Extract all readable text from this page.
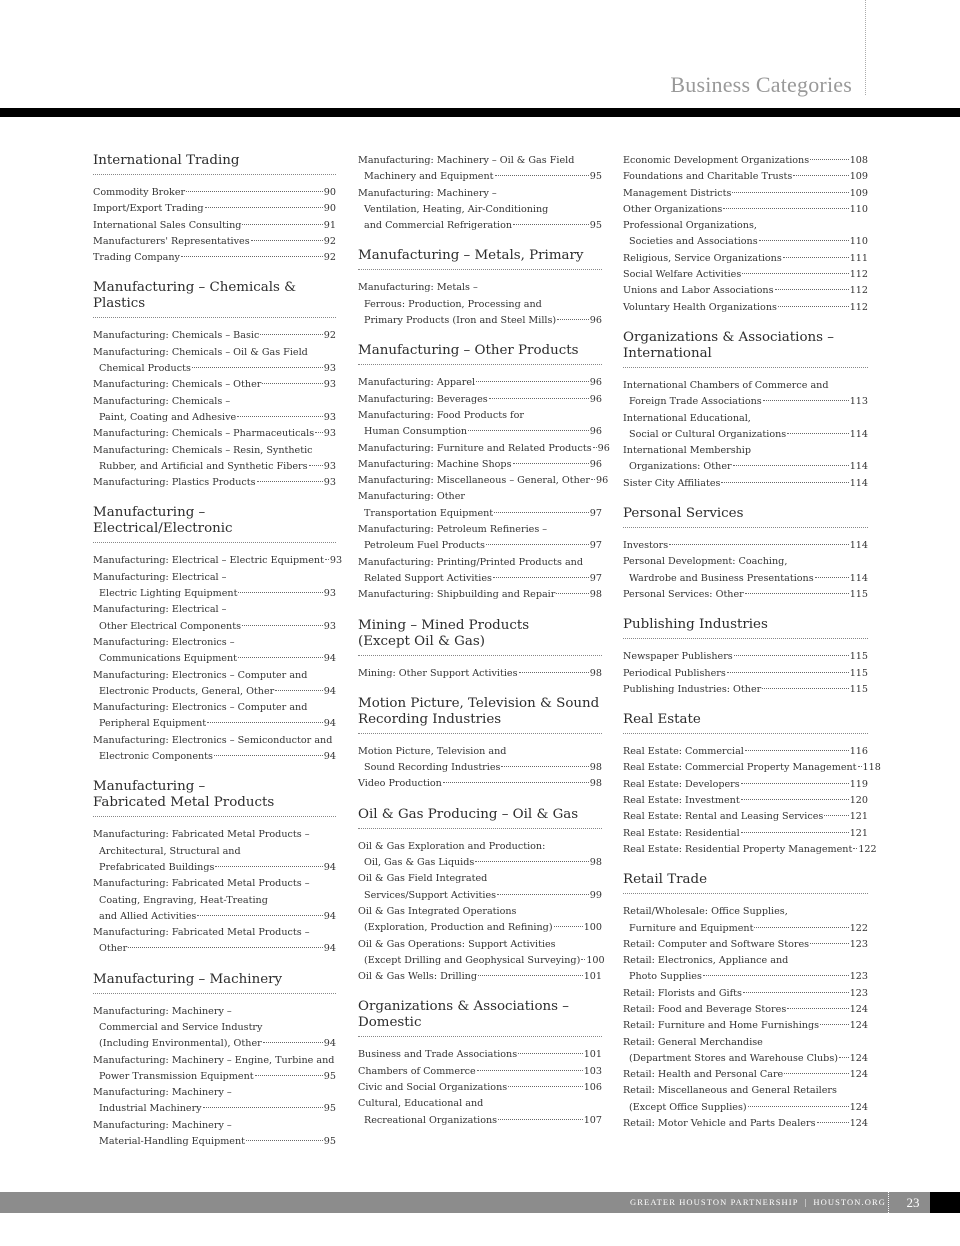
Business Categories
International Trading
Commodity Broker	90
Import/Export Trading	90
International Sales Consulting	91
Manufacturers' Representatives	92
Trading Company	92
Manufacturing – Chemicals & Plastics
Manufacturing: Chemicals – Basic	92
Manufacturing: Chemicals – Oil & Gas Field
Chemical Products	93
Manufacturing: Chemicals – Other	93
Manufacturing: Chemicals –
Paint, Coating and Adhesive	93
Manufacturing: Chemicals – Pharmaceuticals 93
Manufacturing: Chemicals – Resin, Synthetic
Rubber, and Artificial and Synthetic Fibers 93
Manufacturing: Plastics Products	93
Manufacturing – Electrical/Electronic
Manufacturing: Electrical – Electric Equipment 93
Manufacturing: Electrical –
Electric Lighting Equipment	93
Manufacturing: Electrical –
Other Electrical Components	93
Manufacturing: Electronics –
Communications Equipment	94
Manufacturing: Electronics – Computer and
Electronic Products, General, Other	94
Manufacturing: Electronics – Computer and
Peripheral Equipment	94
Manufacturing: Electronics – Semiconductor and
Electronic Components	94
Manufacturing –
Fabricated Metal Products
Manufacturing: Fabricated Metal Products –
Architectural, Structural and
Prefabricated Buildings	94
Manufacturing: Fabricated Metal Products –
Coating, Engraving, Heat-Treating
and Allied Activities	94
Manufacturing: Fabricated Metal Products –
Other	94
Manufacturing – Machinery
Manufacturing: Machinery –
Commercial and Service Industry
(Including Environmental), Other	94
Manufacturing: Machinery – Engine, Turbine and
Power Transmission Equipment	95
Manufacturing: Machinery –
Industrial Machinery	95
Manufacturing: Machinery –
Material-Handling Equipment	95
Manufacturing: Machinery – Oil & Gas Field
Machinery and Equipment	95
Manufacturing: Machinery –
Ventilation, Heating, Air-Conditioning
and Commercial Refrigeration	95
Manufacturing – Metals, Primary
Manufacturing: Metals –
Ferrous: Production, Processing and
Primary Products (Iron and Steel Mills)	96
Manufacturing – Other Products
Manufacturing: Apparel	96
Manufacturing: Beverages	96
Manufacturing: Food Products for
Human Consumption	96
Manufacturing: Furniture and Related Products 96
Manufacturing: Machine Shops	96
Manufacturing: Miscellaneous – General, Other 96
Manufacturing: Other
Transportation Equipment	97
Manufacturing: Petroleum Refineries –
Petroleum Fuel Products	97
Manufacturing: Printing/Printed Products and
Related Support Activities	97
Manufacturing: Shipbuilding and Repair	98
Mining – Mined Products
(Except Oil & Gas)
Mining: Other Support Activities	98
Motion Picture, Television & Sound
Recording Industries
Motion Picture, Television and
Sound Recording Industries	98
Video Production	98
Oil & Gas Producing – Oil & Gas
Oil & Gas Exploration and Production:
Oil, Gas & Gas Liquids	98
Oil & Gas Field Integrated
Services/Support Activities	99
Oil & Gas Integrated Operations
(Exploration, Production and Refining)	100
Oil & Gas Operations: Support Activities
(Except Drilling and Geophysical Surveying) 100
Oil & Gas Wells: Drilling	101
Organizations & Associations –
Domestic
Business and Trade Associations	101
Chambers of Commerce	103
Civic and Social Organizations	106
Cultural, Educational and
Recreational Organizations	107
Economic Development Organizations	108
Foundations and Charitable Trusts	109
Management Districts	109
Other Organizations	110
Professional Organizations,
Societies and Associations	110
Religious, Service Organizations	111
Social Welfare Activities	112
Unions and Labor Associations	112
Voluntary Health Organizations	112
Organizations & Associations –
International
International Chambers of Commerce and
Foreign Trade Associations	113
International Educational,
Social or Cultural Organizations	114
International Membership
Organizations: Other	114
Sister City Affiliates	114
Personal Services
Investors	114
Personal Development: Coaching,
Wardrobe and Business Presentations	114
Personal Services: Other	115
Publishing Industries
Newspaper Publishers	115
Periodical Publishers	115
Publishing Industries: Other	115
Real Estate
Real Estate: Commercial	116
Real Estate: Commercial Property Management 118
Real Estate: Developers	119
Real Estate: Investment	120
Real Estate: Rental and Leasing Services	121
Real Estate: Residential	121
Real Estate: Residential Property Management 122
Retail Trade
Retail/Wholesale: Office Supplies,
Furniture and Equipment	122
Retail: Computer and Software Stores	123
Retail: Electronics, Appliance and
Photo Supplies	123
Retail: Florists and Gifts	123
Retail: Food and Beverage Stores	124
Retail: Furniture and Home Furnishings	124
Retail: General Merchandise
(Department Stores and Warehouse Clubs) 124
Retail: Health and Personal Care	124
Retail: Miscellaneous and General Retailers
(Except Office Supplies)	124
Retail: Motor Vehicle and Parts Dealers	124
GREATER HOUSTON PARTNERSHIP | HOUSTON.ORG	23
